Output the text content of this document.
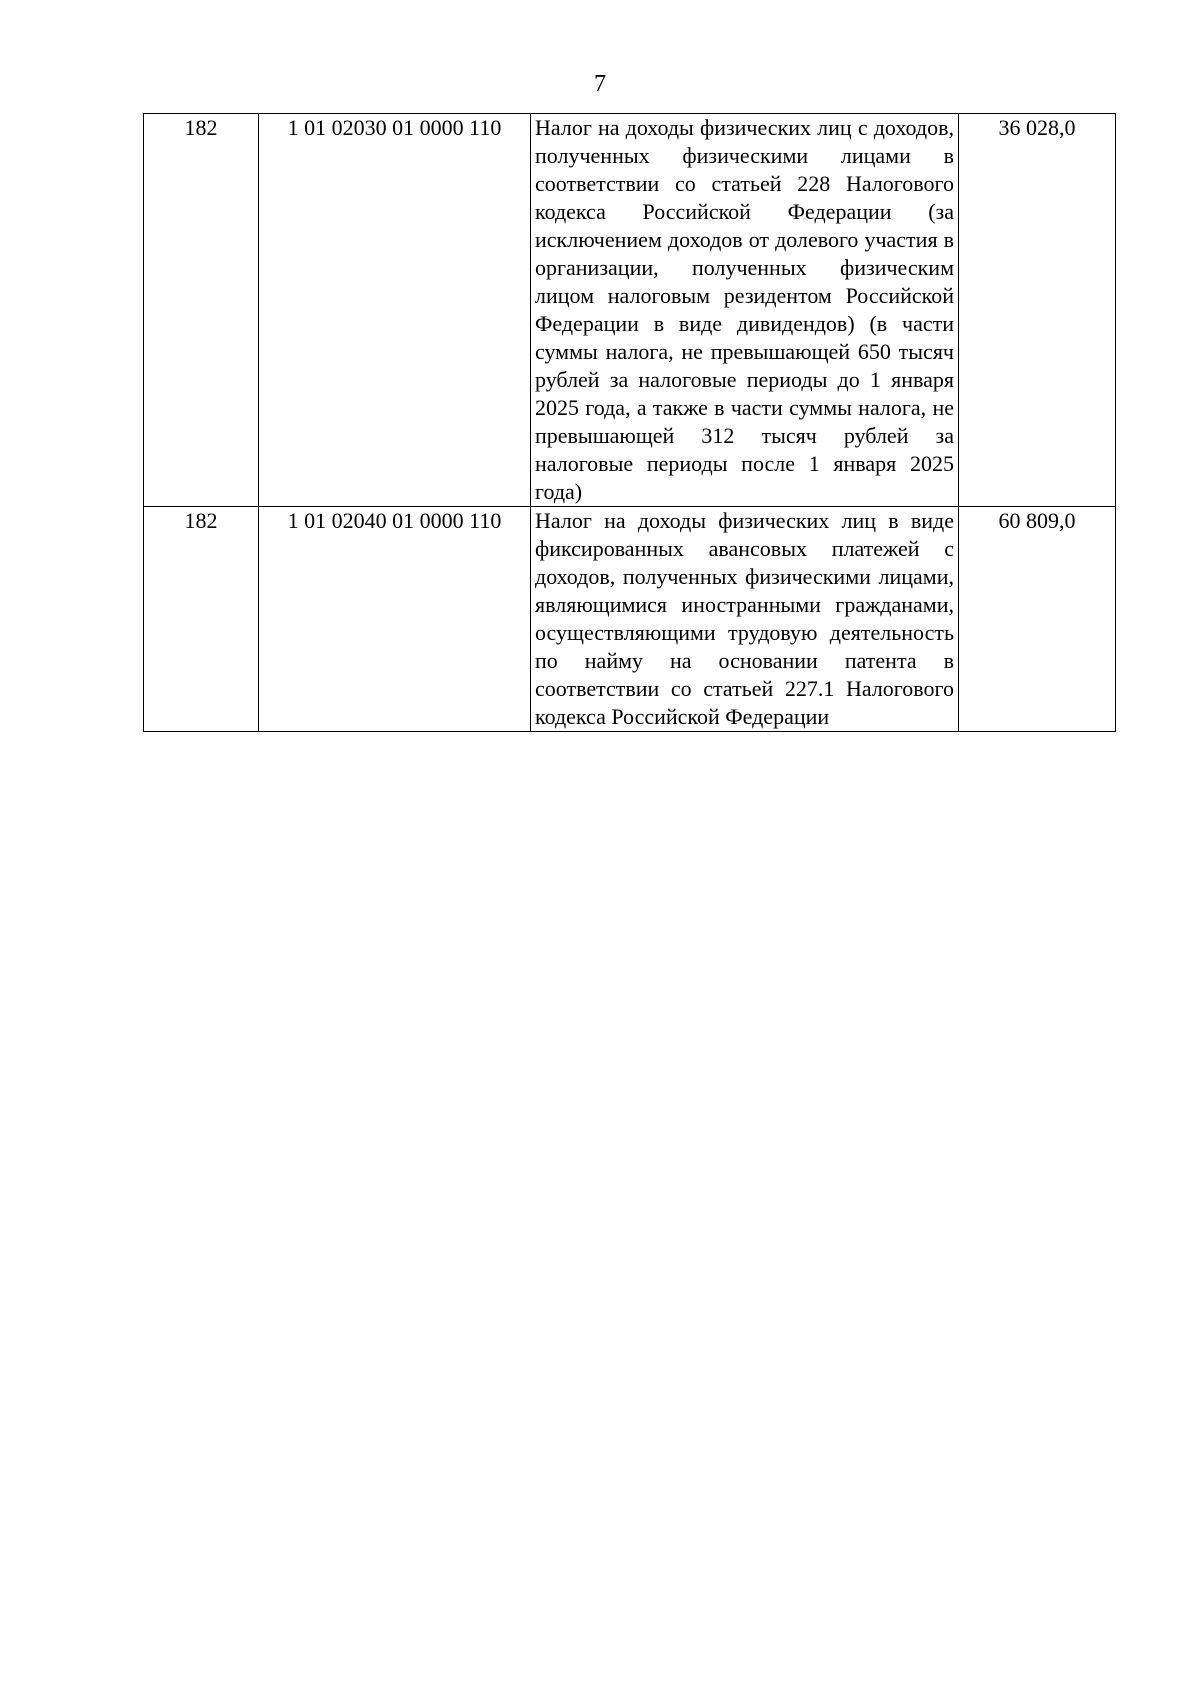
7
182	1 01 02030 01 0000 110	Налог на доходы физических лиц с доходов, полученных физическими лицами в соответствии со статьей 228 Налогового кодекса Российской Федерации (за исключением доходов от долевого участия в организации, полученных физическим лицом налоговым резидентом Российской Федерации в виде дивидендов) (в части суммы налога, не превышающей 650 тысяч рублей за налоговые периоды до 1 января 2025 года, а также в части суммы налога, не превышающей 312 тысяч рублей за налоговые периоды после 1 января 2025 года)	36 028,0
182	1 01 02040 01 0000 110	Налог на доходы физических лиц в виде фиксированных авансовых платежей с доходов, полученных физическими лицами, являющимися иностранными гражданами, осуществляющими трудовую деятельность по найму на основании патента в соответствии со статьей 227.1 Налогового кодекса Российской Федерации	60 809,0
